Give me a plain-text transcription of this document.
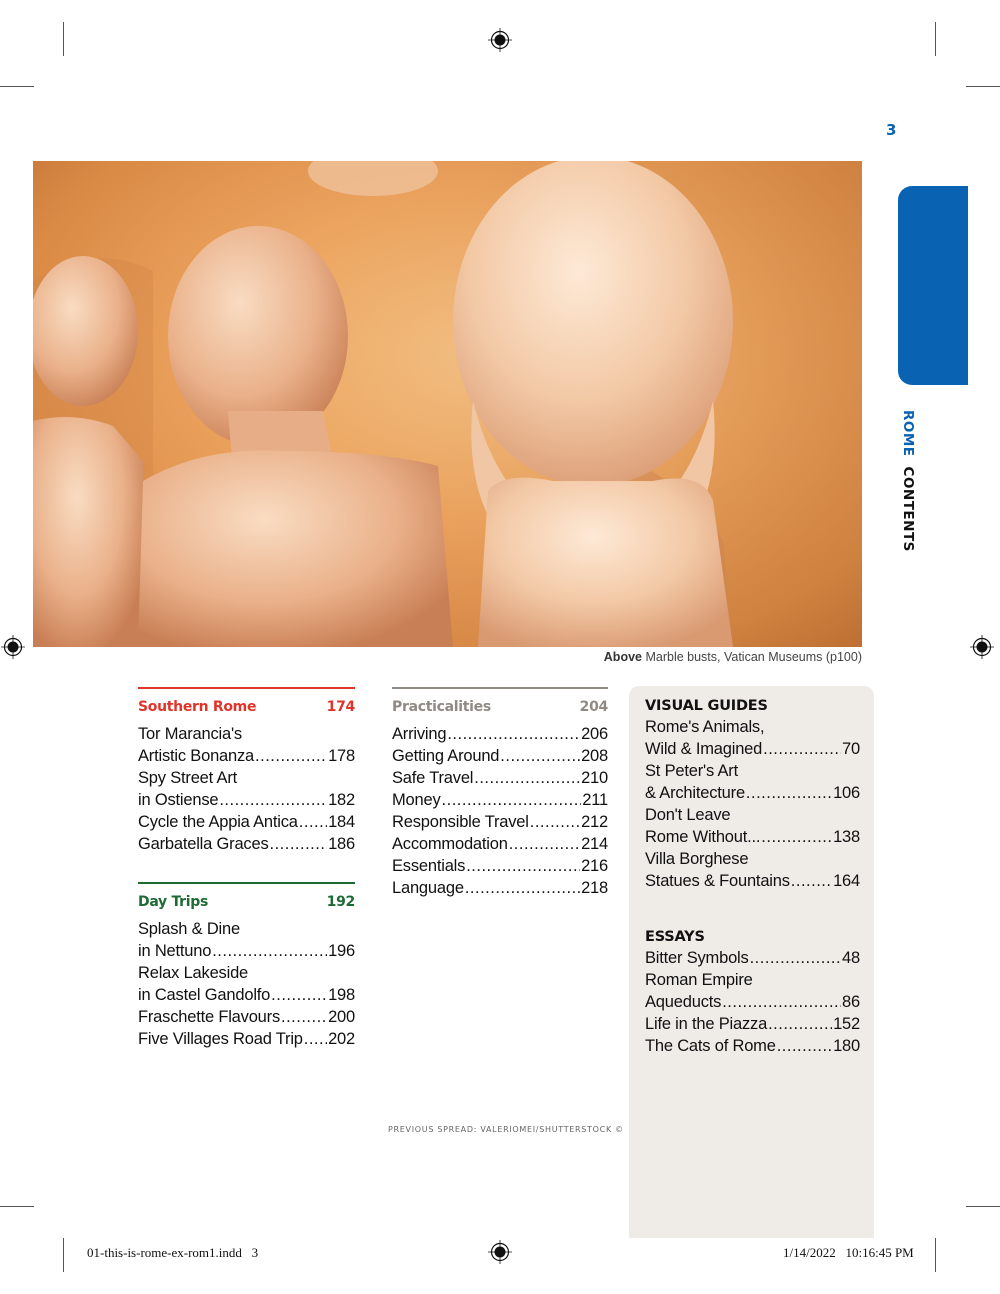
3
ROMECONTENTS
Above Marble busts, Vatican Museums (p100)
Southern Rome	174
Tor Marancia's
Artistic Bonanza .....	178
Spy Street Art
in Ostiense .....	182
Cycle the Appia Antica ..... 184
Garbatella Graces .....	186
Day Trips	192
Splash & Dine
in Nettuno .....	196
Relax Lakeside
in Castel Gandolfo .....	198
Fraschette Flavours .....	200
Five Villages Road Trip ..... 202
Practicalities	204
Arriving .....	206
Getting Around .....	208
Safe Travel .....	210
Money .....	211
Responsible Travel .....	212
Accommodation .....	214
Essentials .....	216
Language .....	218
VISUAL GUIDES
Rome's Animals,
Wild & Imagined .....	70
St Peter's Art
& Architecture .....	106
Don't Leave
Rome Without... .....	138
Villa Borghese
Statues & Fountains .....	164
ESSAYS
Bitter Symbols .....	48
Roman Empire
Aqueducts .....	86
Life in the Piazza .....	152
The Cats of Rome .....	180
PREVIOUS SPREAD: VALERIOMEI/SHUTTERSTOCK ©
01-this-is-rome-ex-rom1.indd   3	1/14/2022   10:16:45 PM
